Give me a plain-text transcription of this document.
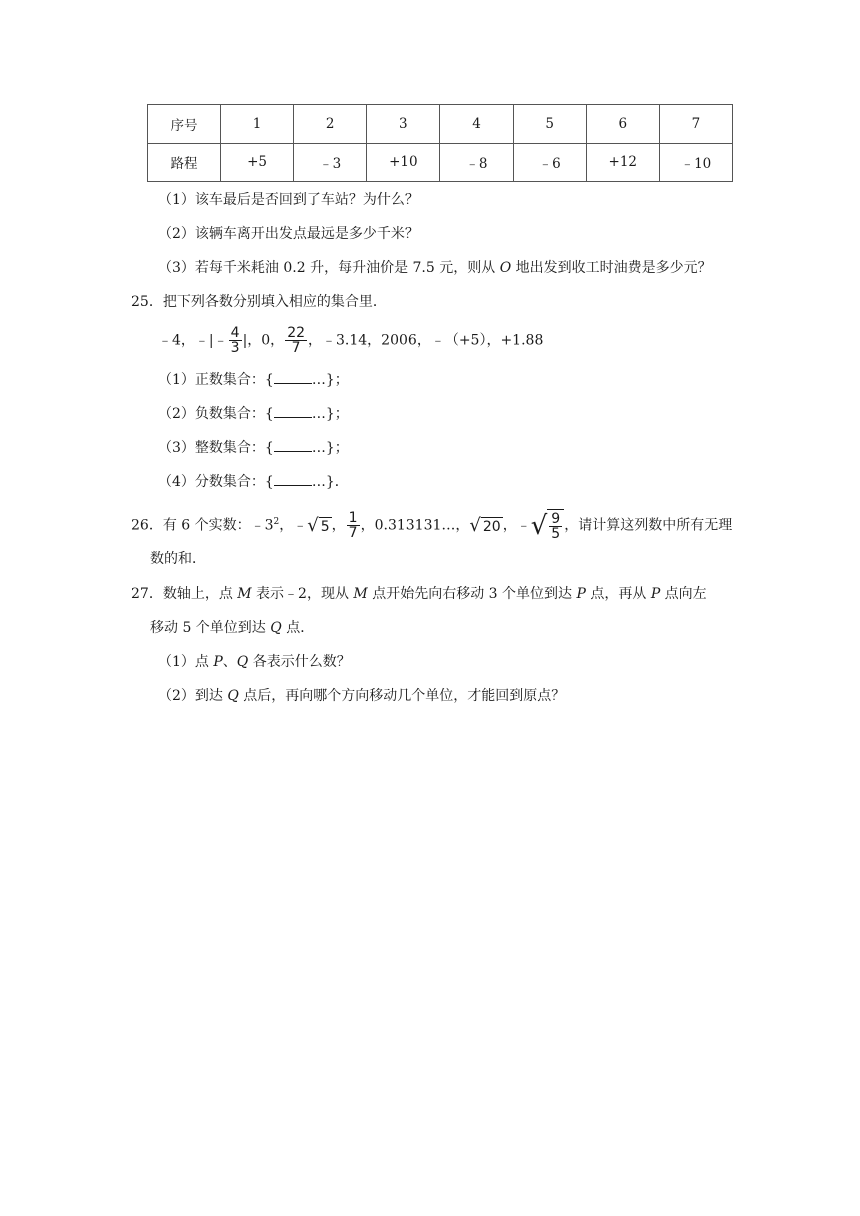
序号	1	2	3	4	5	6	7
路程	+5	﹣3	+10	﹣8	﹣6	+12	﹣10
（1）该车最后是否回到了车站？为什么？
（2）该辆车离开出发点最远是多少千米？
（3）若每千米耗油 0.2 升，每升油价是 7.5 元，则从 O 地出发到收工时油费是多少元？
25．把下列各数分别填入相应的集合里．
﹣4，﹣|﹣ $\frac{4}{3}$ |，0， $\frac{22}{7}$ ，﹣3.14，2006，﹣（+5），+1.88
（1）正数集合：{	…}；
（2）负数集合：{	…}；
（3）整数集合：{	…}；
（4）分数集合：{	…}．
26．有 6 个实数：$﹣3^2$，﹣√ 5 ， $\frac{1}{7}$ ，0.313131…，√ 20 ，﹣√ $\frac{9}{5}$ ，请计算这列数中所有无理
数的和．
27．数轴上，点 M 表示﹣2，现从 M 点开始先向右移动 3 个单位到达 P 点，再从 P 点向左
移动 5 个单位到达 Q 点．
（1）点 P、Q 各表示什么数？
（2）到达 Q 点后，再向哪个方向移动几个单位，才能回到原点？
